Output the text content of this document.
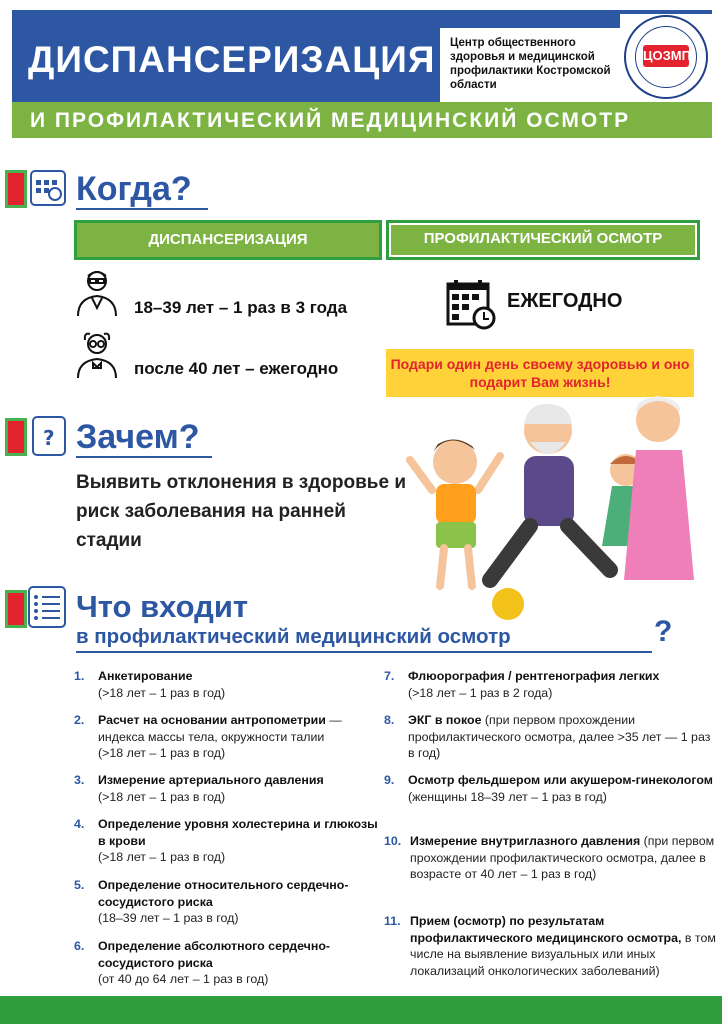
ДИСПАНСЕРИЗАЦИЯ	Центр общественного здоровья и медицинской профилактики Костромской области
ЦОЗМП
И ПРОФИЛАКТИЧЕСКИЙ МЕДИЦИНСКИЙ ОСМОТР
Когда?
ДИСПАНСЕРИЗАЦИЯ	ПРОФИЛАКТИЧЕСКИЙ ОСМОТР
18–39 лет – 1 раз в 3 года
после 40 лет – ежегодно
ЕЖЕГОДНО
Подари один день своему здоровью и оно подарит Вам жизнь!
? Зачем?
Выявить отклонения в здоровье и риск заболевания на ранней стадии
Что входит
в профилактический медицинский осмотр	?
1. Анкетирование
(>18 лет – 1 раз в год)
2. Расчет на основании антропометрии — индекса массы тела, окружности талии
(>18 лет – 1 раз в год)
3. Измерение артериального давления
(>18 лет – 1 раз в год)
4. Определение уровня холестерина и глюкозы в крови
(>18 лет – 1 раз в год)
5. Определение относительного сердечно-сосудистого риска
(18–39 лет – 1 раз в год)
6. Определение абсолютного сердечно-сосудистого риска
(от 40 до 64 лет – 1 раз в год)
7. Флюорография / рентгенография легких
(>18 лет – 1 раз в 2 года)
8. ЭКГ в покое (при первом прохождении профилактического осмотра, далее >35 лет — 1 раз в год)
9. Осмотр фельдшером или акушером-гинекологом
(женщины 18–39 лет – 1 раз в год)
10. Измерение внутриглазного давления (при первом прохождении профилактического осмотра, далее в возрасте от 40 лет – 1 раз в год)
11. Прием (осмотр) по результатам профилактического медицинского осмотра, в том числе на выявление визуальных или иных локализаций онкологических заболеваний)
